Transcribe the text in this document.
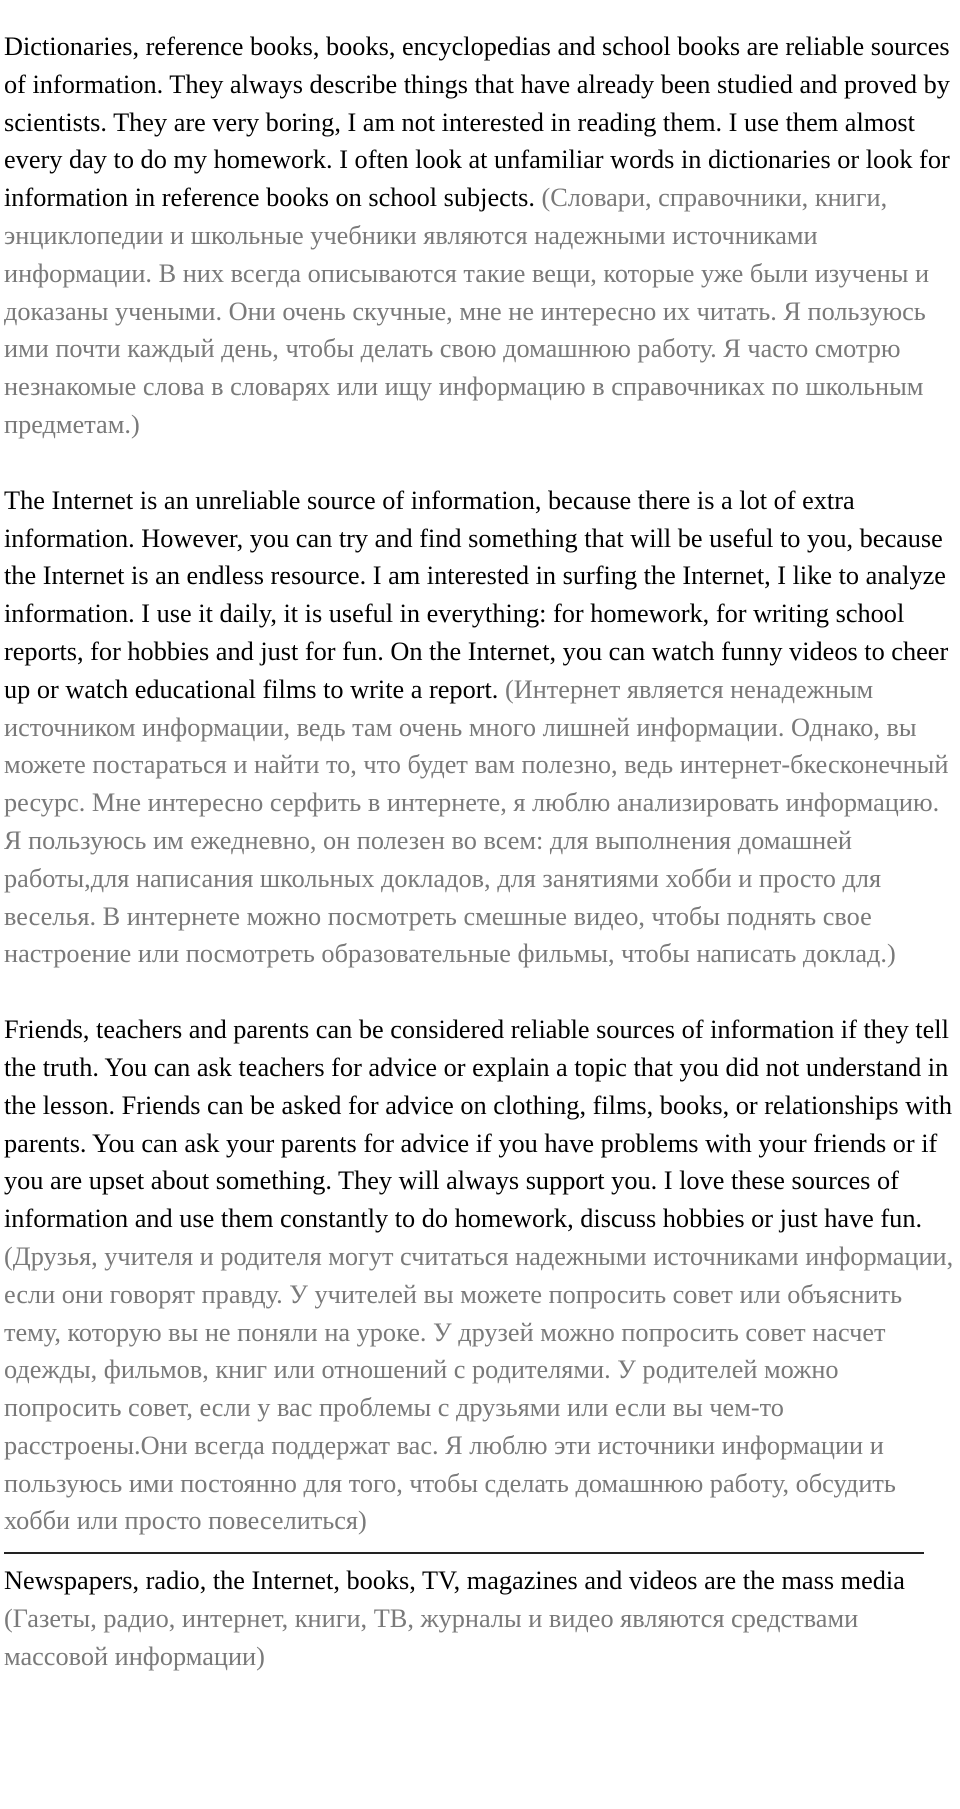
Dictionaries, reference books, books, encyclopedias and school books are reliable sources of information. They always describe things that have already been studied and proved by scientists. They are very boring, I am not interested in reading them. I use them almost every day to do my homework. I often look at unfamiliar words in dictionaries or look for information in reference books on school subjects. (Словари, справочники, книги, энциклопедии и школьные учебники являются надежными источниками информации. В них всегда описываются такие вещи, которые уже были изучены и доказаны учеными. Они очень скучные, мне не интересно их читать. Я пользуюсь ими почти каждый день, чтобы делать свою домашнюю работу. Я часто смотрю незнакомые слова в словарях или ищу информацию в справочниках по школьным предметам.)
The Internet is an unreliable source of information, because there is a lot of extra information. However, you can try and find something that will be useful to you, because the Internet is an endless resource. I am interested in surfing the Internet, I like to analyze information. I use it daily, it is useful in everything: for homework, for writing school reports, for hobbies and just for fun. On the Internet, you can watch funny videos to cheer up or watch educational films to write a report. (Интернет является ненадежным источником информации, ведь там очень много лишней информации. Однако, вы можете постараться и найти то, что будет вам полезно, ведь интернет-бкесконечный ресурс. Мне интересно серфить в интернете, я люблю анализировать информацию. Я пользуюсь им ежедневно, он полезен во всем: для выполнения домашней работы,для написания школьных докладов, для занятиями хобби и просто для веселья. В интернете можно посмотреть смешные видео, чтобы поднять свое настроение или посмотреть образовательные фильмы, чтобы написать доклад.)
Friends, teachers and parents can be considered reliable sources of information if they tell the truth. You can ask teachers for advice or explain a topic that you did not understand in the lesson. Friends can be asked for advice on clothing, films, books, or relationships with parents. You can ask your parents for advice if you have problems with your friends or if you are upset about something. They will always support you. I love these sources of information and use them constantly to do homework, discuss hobbies or just have fun. (Друзья, учителя и родителя могут считаться надежными источниками информации, если они говорят правду. У учителей вы можете попросить совет или объяснить тему, которую вы не поняли на уроке. У друзей можно попросить совет насчет одежды, фильмов, книг или отношений с родителями. У родителей можно попросить совет, если у вас проблемы с друзьями или если вы чем-то расстроены.Они всегда поддержат вас. Я люблю эти источники информации и пользуюсь ими постоянно для того, чтобы сделать домашнюю работу, обсудить хобби или просто повеселиться)
Newspapers, radio, the Internet, books, TV, magazines and videos are the mass media (Газеты, радио, интернет, книги, ТВ, журналы и видео являются средствами массовой информации)
